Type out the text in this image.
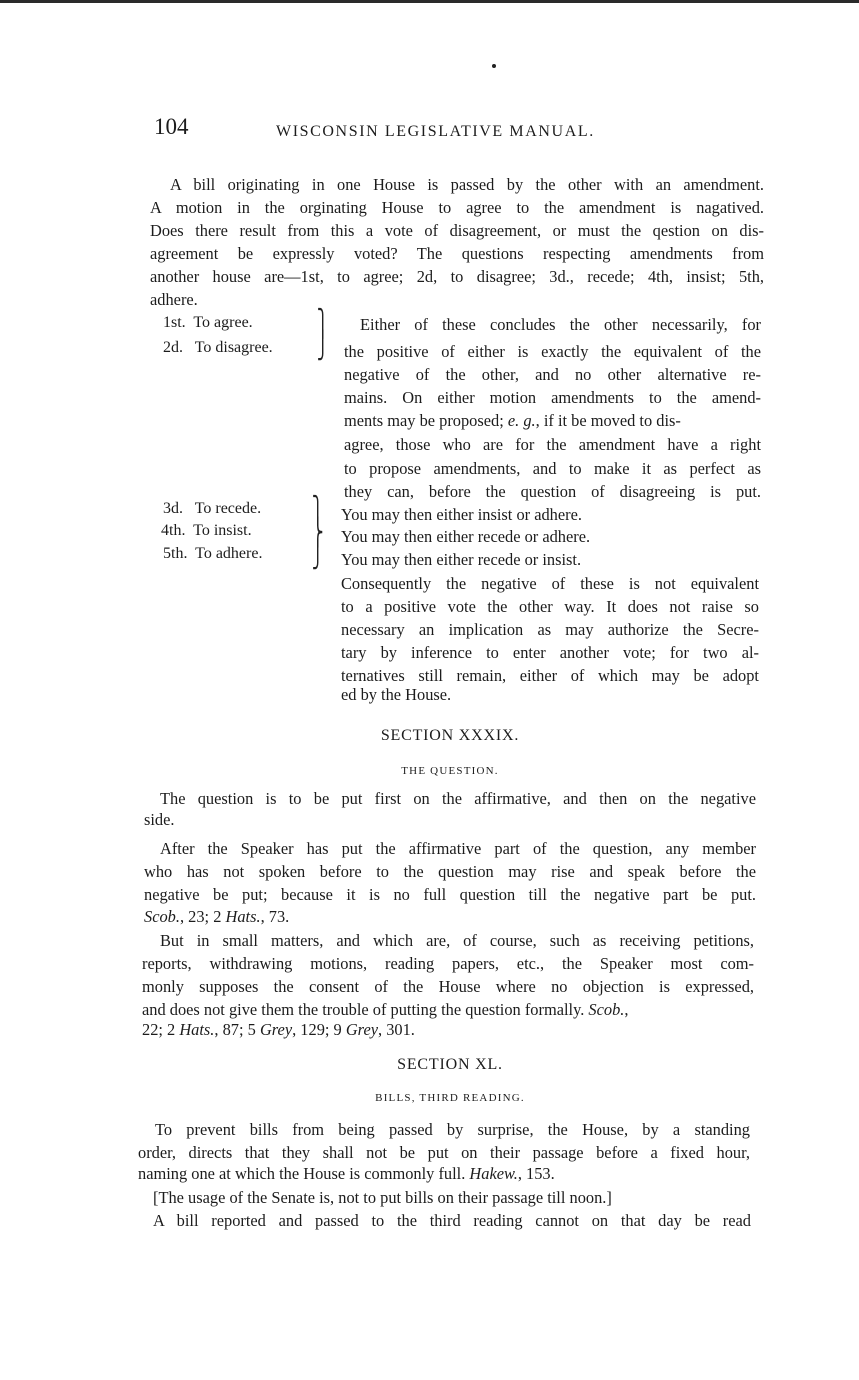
104	WISCONSIN LEGISLATIVE MANUAL.
A bill originating in one House is passed by the other with an amendment.
A motion in the orginating House to agree to the amendment is nagatived.
Does there result from this a vote of disagreement, or must the qestion on dis-
agreement be expressly voted? The questions respecting amendments from
another house are—1st, to agree; 2d, to disagree; 3d., recede; 4th, insist; 5th,
adhere.
1st.  To agree.
2d.   To disagree.
⎫
⎭
Either of these concludes the other necessarily, for
the positive of either is exactly the equivalent of the
negative of the other, and no other alternative re-
mains. On either motion amendments to the amend-
ments may be proposed; e. g., if it be moved to dis-
agree, those who are for the amendment have a right
to propose amendments, and to make it as perfect as
they can, before the question of disagreeing is put.
3d.   To recede.
4th.  To insist.
5th.  To adhere.
⎫
⎬
⎭
You may then either insist or adhere.
You may then either recede or adhere.
You may then either recede or insist.
Consequently the negative of these is not equivalent
to a positive vote the other way. It does not raise so
necessary an implication as may authorize the Secre-
tary by inference to enter another vote; for two al-
ternatives still remain, either of which may be adopt
ed by the House.
SECTION XXXIX.
THE QUESTION.
The question is to be put first on the affirmative, and then on the negative
side.
After the Speaker has put the affirmative part of the question, any member
who has not spoken before to the question may rise and speak before the
negative be put; because it is no full question till the negative part be put.
Scob., 23; 2 Hats., 73.
But in small matters, and which are, of course, such as receiving petitions,
reports, withdrawing motions, reading papers, etc., the Speaker most com-
monly supposes the consent of the House where no objection is expressed,
and does not give them the trouble of putting the question formally. Scob.,
22; 2 Hats., 87; 5 Grey, 129; 9 Grey, 301.
SECTION XL.
BILLS, THIRD READING.
To prevent bills from being passed by surprise, the House, by a standing
order, directs that they shall not be put on their passage before a fixed hour,
naming one at which the House is commonly full. Hakew., 153.
[The usage of the Senate is, not to put bills on their passage till noon.]
A bill reported and passed to the third reading cannot on that day be read
